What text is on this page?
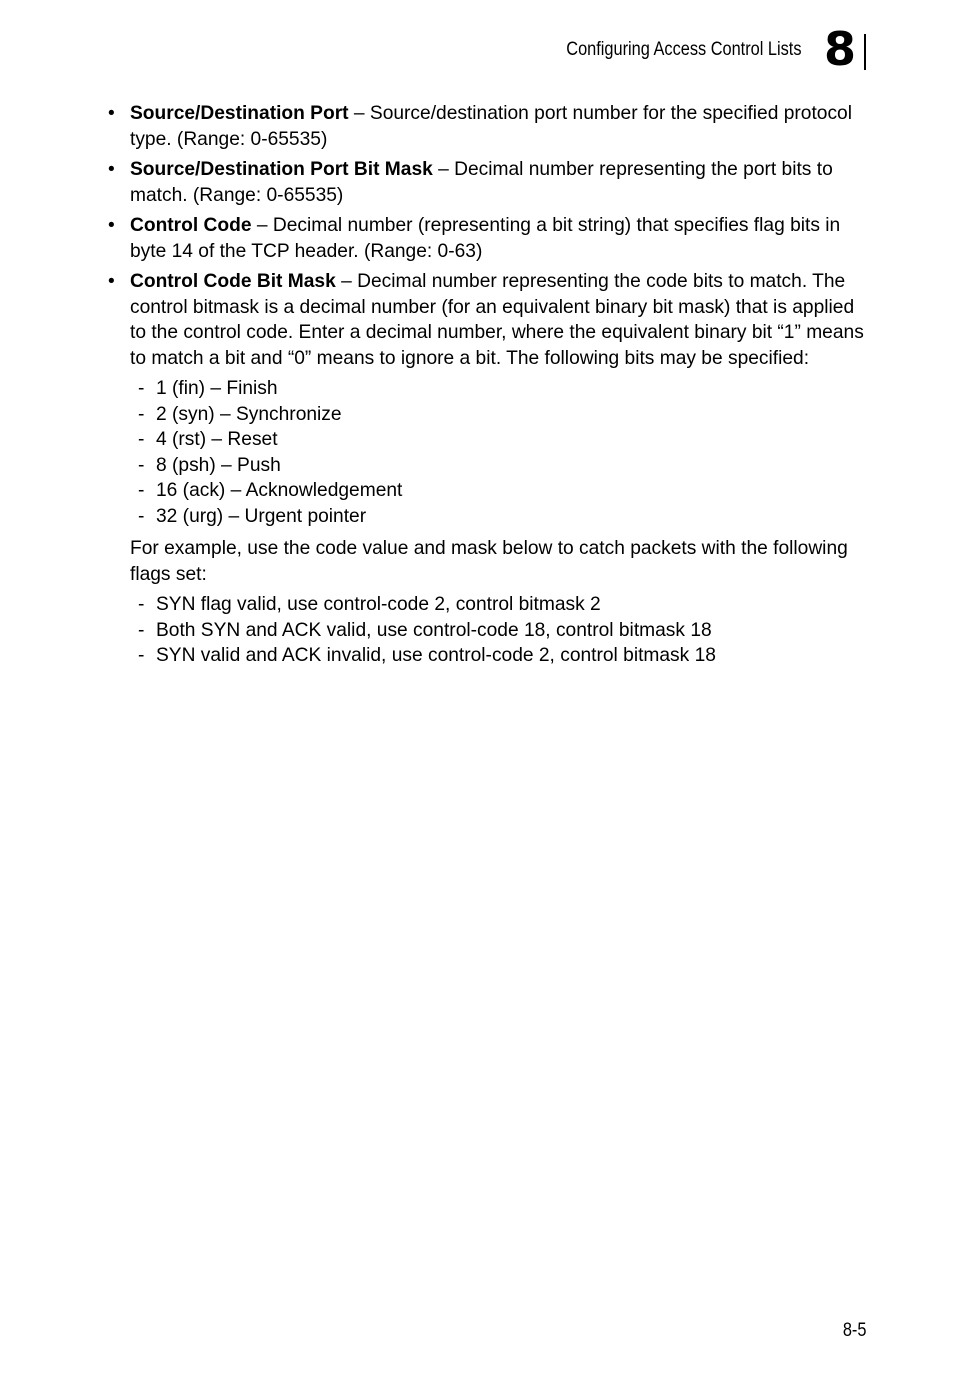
Configuring Access Control Lists 8
• Source/Destination Port – Source/destination port number for the specified protocol type. (Range: 0-65535)
• Source/Destination Port Bit Mask – Decimal number representing the port bits to match. (Range: 0-65535)
• Control Code – Decimal number (representing a bit string) that specifies flag bits in byte 14 of the TCP header. (Range: 0-63)
• Control Code Bit Mask – Decimal number representing the code bits to match. The control bitmask is a decimal number (for an equivalent binary bit mask) that is applied to the control code. Enter a decimal number, where the equivalent binary bit “1” means to match a bit and “0” means to ignore a bit. The following bits may be specified:
- 1 (fin) – Finish
- 2 (syn) – Synchronize
- 4 (rst) – Reset
- 8 (psh) – Push
- 16 (ack) – Acknowledgement
- 32 (urg) – Urgent pointer

For example, use the code value and mask below to catch packets with the following flags set:

- SYN flag valid, use control-code 2, control bitmask 2
- Both SYN and ACK valid, use control-code 18, control bitmask 18
- SYN valid and ACK invalid, use control-code 2, control bitmask 18
8-5
